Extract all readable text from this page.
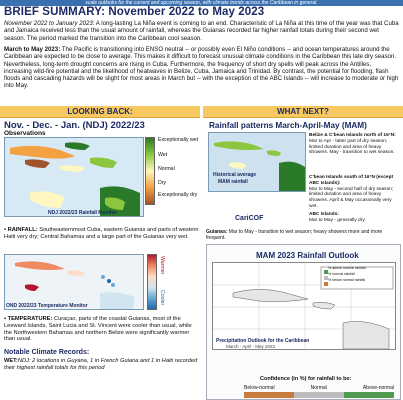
scale outlooks for the current and upcoming season, with climate trends across the Caribbean in general.
BRIEF SUMMARY: November 2022 to May 2023
November 2022 to January 2023: A long-lasting La Niña event is coming to an end. Characteristic of La Niña at this time of the year was that Cuba and Jamaica received less than the usual amount of rainfall, whereas the Guianas recorded far higher rainfall totals during their second wet season. The period marked the transition into the Caribbean cool season.
March to May 2023: The Pacific is transitioning into ENSO neutral -- or possibly even El Niño conditions -- and ocean temperatures around the Caribbean are expected to be close to average. This makes it difficult to forecast unusual climate conditions in the Caribbean this late dry season. Nevertheless, long-term drought concerns are rising in Cuba. Furthermore, the frequency of short dry spells will peak across the Antilles, increasing wild-fire potential and the likelihood of heatwaves in Belize, Cuba, Jamaica and Trinidad. By contrast, the potential for flooding, flash floods and cascading hazards will be slight for most areas in March but -- with the exception of the ABC Islands -- will increase to moderate or high into May.
LOOKING BACK:	WHAT NEXT?
Nov. - Dec. - Jan. (NDJ) 2022/23
Observations
Exceptionally wet
Wet
Normal
Dry
Exceptionally dry
NDJ 2022/23 Rainfall Monitor
▪ RAINFALL: Southeasternmost Cuba, eastern Guianas and parts of western Haiti very dry; Central Bahamas and a large part of the Guianas very wet.
Warmer
Cooler
OND 2022/23 Temperature Monitor
▪ TEMPERATURE: Curaçao, parts of the coastal Guianas, most of the Leeward Islands, Saint Lucia and St. Vincent were cooler than usual, while the Northwestern Bahamas and northern Belize were significantly warmer than usual.
Notable Climate Records:
WET:NDJ: 2 locations in Guyana, 1 in French Guiana and 1 in Haiti recorded their highest rainfall totals for this period
Rainfall patterns March-April-May (MAM)
Historical average
MAM rainfall
Belize & C'bean Islands north of 16°N:
Mar to Apr - latter part of dry season; limited duration and area of heavy showers. May - transition to wet season.
C'bean Islands south of 16°N (except ABC Islands):
Mar to May - second half of dry season; limited duration and area of heavy showers. April & May occasionally very wet.
ABC Islands:
Mar to May - generally dry.
Guianas: Mar to May - transition to wet season; heavy showers more and more frequent.
CariCOF
MAM 2023 Rainfall Outlook
% above normal rainfall
% normal rainfall
% below normal rainfall
Precipitation Outlook for the Caribbean
March - April - May 2023
Confidence (in %) for rainfall to be:
Below-normal	Normal	Above-normal
